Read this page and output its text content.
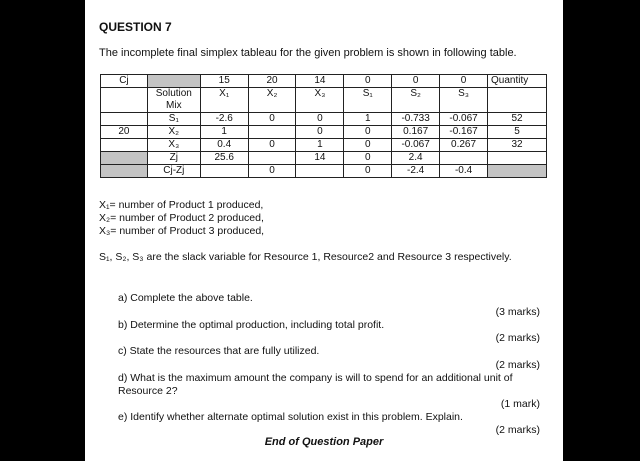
QUESTION 7
The incomplete final simplex tableau for the given problem is shown in following table.
Cj		15	20	14	0	0	0	Quantity
	Solution Mix	X₁	X₂	X₃	S₁	S₂	S₃	
	S₁	-2.6	0	0	1	-0.733	-0.067	52
20	X₂	1		0	0	0.167	-0.167	5
	X₃	0.4	0	1	0	-0.067	0.267	32
	Zj	25.6		14	0	2.4		
	Cj-Zj		0		0	-2.4	-0.4	
X₁= number of Product 1 produced,
X₂= number of Product 2 produced,
X₃= number of Product 3 produced,
S₁, S₂, S₃ are the slack variable for Resource 1, Resource2 and Resource 3 respectively.
a) Complete the above table.
(3 marks)
b) Determine the optimal production, including total profit.
(2 marks)
c) State the resources that are fully utilized.
(2 marks)
d) What is the maximum amount the company is will to spend for an additional unit of Resource 2?
(1 mark)
e) Identify whether alternate optimal solution exist in this problem. Explain.
(2 marks)
End of Question Paper
